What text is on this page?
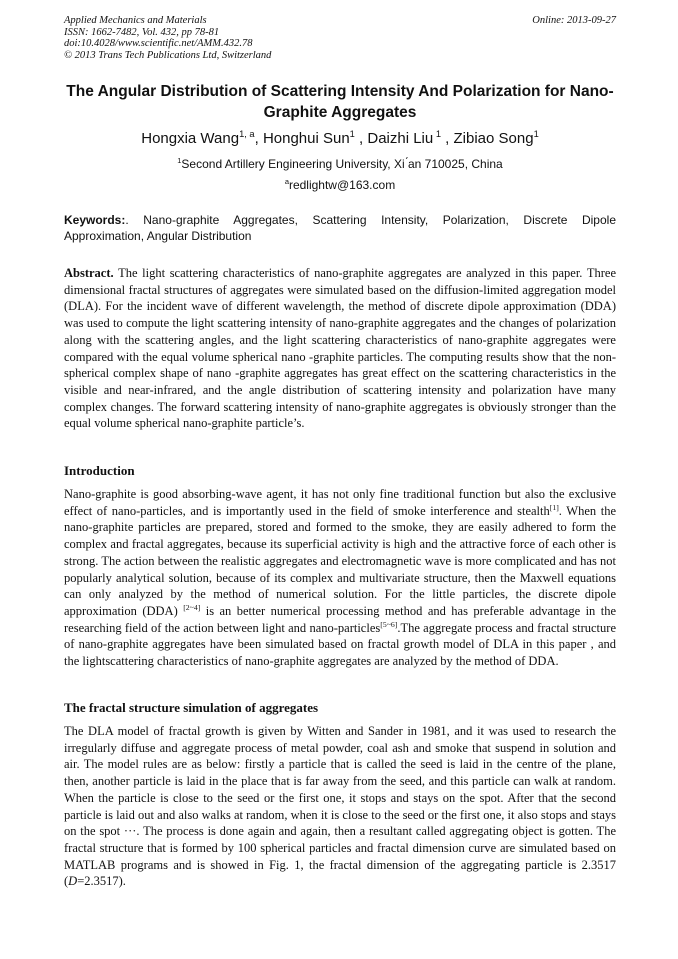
Applied Mechanics and Materials	Online: 2013-09-27
ISSN: 1662-7482, Vol. 432, pp 78-81
doi:10.4028/www.scientific.net/AMM.432.78
© 2013 Trans Tech Publications Ltd, Switzerland
The Angular Distribution of Scattering Intensity And Polarization for Nano-Graphite Aggregates
Hongxia Wang$^{1, a}$, Honghui Sun$^1$ , Daizhi Liu $^1$ , Zibiao Song$^1$
$^1$Second Artillery Engineering University, Xi ́an 710025, China
$^a$redlightw@163.com
Keywords:. Nano-graphite Aggregates, Scattering Intensity, Polarization, Discrete Dipole Approximation, Angular Distribution
Abstract. The light scattering characteristics of nano-graphite aggregates are analyzed in this paper. Three dimensional fractal structures of aggregates were simulated based on the diffusion-limited aggregation model (DLA). For the incident wave of different wavelength, the method of discrete dipole approximation (DDA) was used to compute the light scattering intensity of nano-graphite aggregates and the changes of polarization along with the scattering angles, and the light scattering characteristics of nano-graphite aggregates were compared with the equal volume spherical nano -graphite particles. The computing results show that the non-spherical complex shape of nano -graphite aggregates has great effect on the scattering characteristics in the visible and near-infrared, and the angle distribution of scattering intensity and polarization have many complex changes. The forward scattering intensity of nano-graphite aggregates is obviously stronger than the equal volume spherical nano-graphite particle’s.
Introduction
Nano-graphite is good absorbing-wave agent, it has not only fine traditional function but also the exclusive effect of nano-particles, and is importantly used in the field of smoke interference and stealth[1]. When the nano-graphite particles are prepared, stored and formed to the smoke, they are easily adhered to form the complex and fractal aggregates, because its superficial activity is high and the attractive force of each other is strong. The action between the realistic aggregates and electromagnetic wave is more complicated and has not popularly analytical solution, because of its complex and multivariate structure, then the Maxwell equations can only analyzed by the method of numerical solution. For the little particles, the discrete dipole approximation (DDA) [2~4] is an better numerical processing method and has preferable advantage in the researching field of the action between light and nano-particles[5~6].The aggregate process and fractal structure of nano-graphite aggregates have been simulated based on fractal growth model of DLA in this paper , and the lightscattering characteristics of nano-graphite aggregates are analyzed by the method of DDA.
The fractal structure simulation of aggregates
The DLA model of fractal growth is given by Witten and Sander in 1981, and it was used to research the irregularly diffuse and aggregate process of metal powder, coal ash and smoke that suspend in solution and air. The model rules are as below: firstly a particle that is called the seed is laid in the centre of the plane, then, another particle is laid in the place that is far away from the seed, and this particle can walk at random. When the particle is close to the seed or the first one, it stops and stays on the spot. After that the second particle is laid out and also walks at random, when it is close to the seed or the first one, it also stops and stays on the spot ···. The process is done again and again, then a resultant called aggregating object is gotten. The fractal structure that is formed by 100 spherical particles and fractal dimension curve are simulated based on MATLAB programs and is showed in Fig. 1, the fractal dimension of the aggregating particle is 2.3517 (D=2.3517).
